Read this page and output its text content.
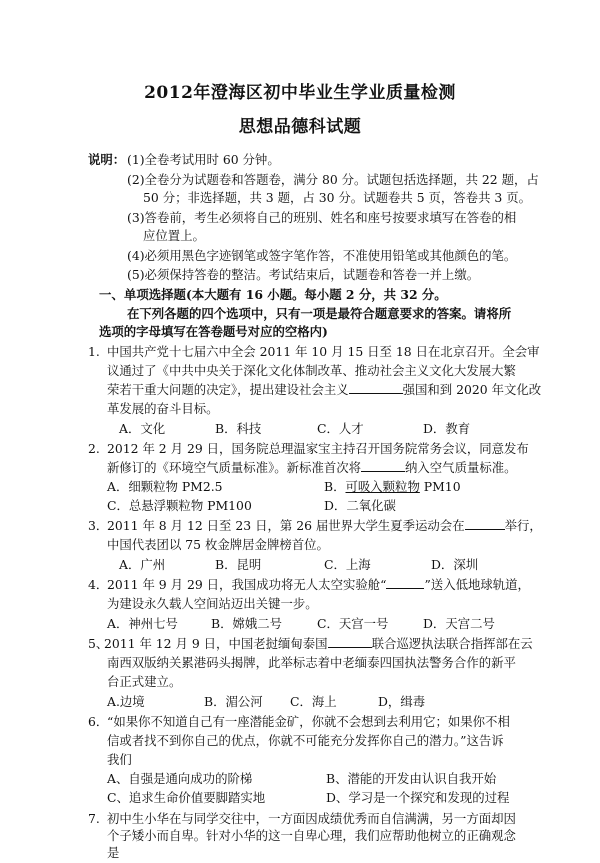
2012年澄海区初中毕业生学业质量检测
思想品德科试题
说明： (1)全卷考试用时 60 分钟。
(2)全卷分为试题卷和答题卷，满分 80 分。试题包括选择题，共 22 题，占
50 分；非选择题，共 3 题，占 30 分。试题卷共 5 页，答卷共 3 页。
(3)答卷前，考生必须将自己的班别、姓名和座号按要求填写在答卷的相
应位置上。
(4)必须用黑色字迹钢笔或签字笔作答，不准使用铅笔或其他颜色的笔。
(5)必须保持答卷的整洁。考试结束后，试题卷和答卷一并上缴。
一、 单项选择题(本大题有 16 小题。每小题 2 分，共 32 分。
在下列各题的四个选项中，只有一项是最符合题意要求的答案。请将所
选项的字母填写在答卷题号对应的空格内)
1. 中国共产党十七届六中全会 2011 年 10 月 15 日至 18 日在北京召开。全会审
议通过了《中共中央关于深化文化体制改革、推动社会主义文化大发展大繁
荣若干重大问题的决定》，提出建设社会主义	强国和到 2020 年文化改
革发展的奋斗目标。
A．文化	B．科技	C．人才	D．教育
2. 2012 年 2 月 29 日，国务院总理温家宝主持召开国务院常务会议，同意发布
新修订的《环境空气质量标准》。新标准首次将	纳入空气质量标准。
A．细颗粒物 PM2.5	B．可吸入颗粒物 PM10
C．总悬浮颗粒物 PM100	D．二氧化碳
3．
2011 年 8 月 12 日至 23 日，第 26 届世界大学生夏季运动会在	举行，
中国代表团以 75 枚金牌居金牌榜首位。
A．广州	B．昆明	C．上海	D．深圳
4．
2011 年 9 月 29 日，我国成功将无人太空实验舱“	”送入低地球轨道，
为建设永久载人空间站迈出关键一步。
A．神州七号	B．嫦娥二号	C．天宫一号	D．天宫二号
5、
2011 年 12 月 9 日，中国老挝缅甸泰国	联合巡逻执法联合指挥部在云
南西双版纳关累港码头揭牌，此举标志着中老缅泰四国执法警务合作的新平
台正式建立。
A.边境	B．湄公河 C．海上	D，缉毒
6．
“如果你不知道自己有一座潜能金矿，你就不会想到去利用它；如果你不相
信或者找不到你自己的优点，你就不可能充分发挥你自己的潜力。”这告诉
我们
A、自强是通向成功的阶梯	B、潜能的开发由认识自我开始
C、追求生命价值要脚踏实地	D、学习是一个探究和发现的过程
7. 初中生小华在与同学交往中，一方面因成绩优秀而自信满满，另一方面却因
个子矮小而自卑。针对小华的这一自卑心理，我们应帮助他树立的正确观念
是
